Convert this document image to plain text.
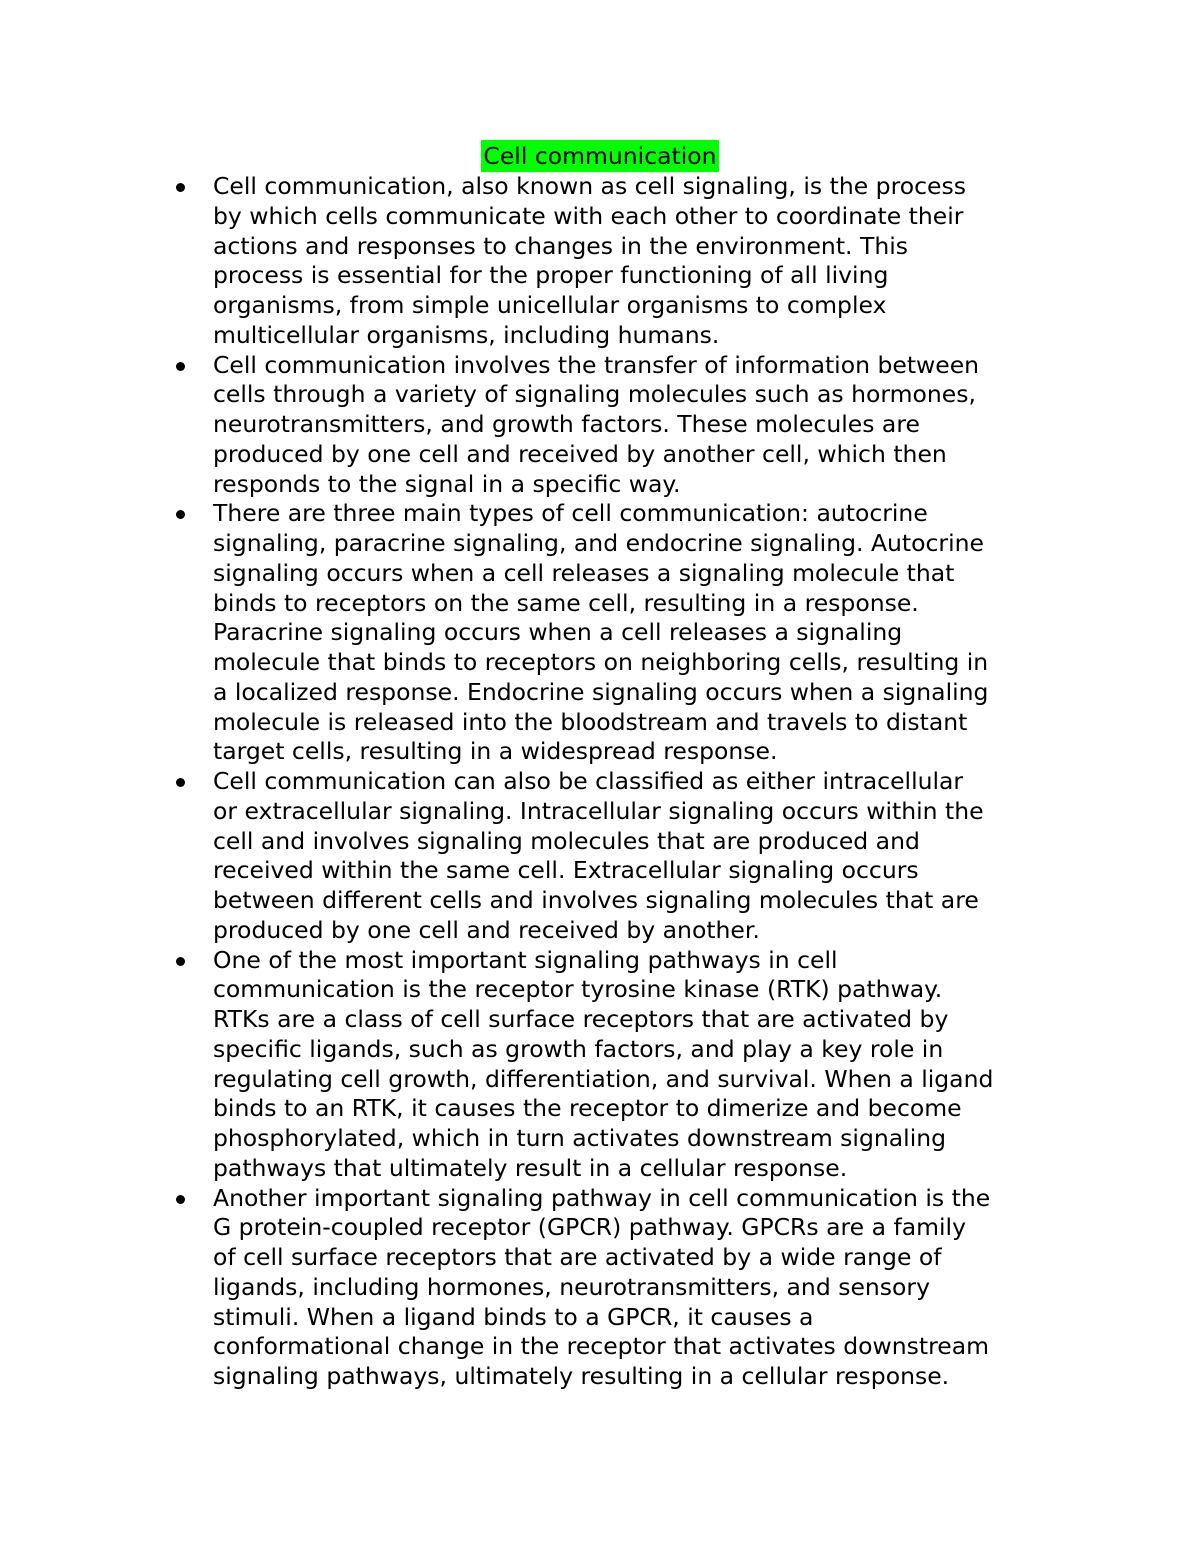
Cell communication
Cell communication, also known as cell signaling, is the process
by which cells communicate with each other to coordinate their
actions and responses to changes in the environment. This
process is essential for the proper functioning of all living
organisms, from simple unicellular organisms to complex
multicellular organisms, including humans.
Cell communication involves the transfer of information between
cells through a variety of signaling molecules such as hormones,
neurotransmitters, and growth factors. These molecules are
produced by one cell and received by another cell, which then
responds to the signal in a specific way.
There are three main types of cell communication: autocrine
signaling, paracrine signaling, and endocrine signaling. Autocrine
signaling occurs when a cell releases a signaling molecule that
binds to receptors on the same cell, resulting in a response.
Paracrine signaling occurs when a cell releases a signaling
molecule that binds to receptors on neighboring cells, resulting in
a localized response. Endocrine signaling occurs when a signaling
molecule is released into the bloodstream and travels to distant
target cells, resulting in a widespread response.
Cell communication can also be classified as either intracellular
or extracellular signaling. Intracellular signaling occurs within the
cell and involves signaling molecules that are produced and
received within the same cell. Extracellular signaling occurs
between different cells and involves signaling molecules that are
produced by one cell and received by another.
One of the most important signaling pathways in cell
communication is the receptor tyrosine kinase (RTK) pathway.
RTKs are a class of cell surface receptors that are activated by
specific ligands, such as growth factors, and play a key role in
regulating cell growth, differentiation, and survival. When a ligand
binds to an RTK, it causes the receptor to dimerize and become
phosphorylated, which in turn activates downstream signaling
pathways that ultimately result in a cellular response.
Another important signaling pathway in cell communication is the
G protein-coupled receptor (GPCR) pathway. GPCRs are a family
of cell surface receptors that are activated by a wide range of
ligands, including hormones, neurotransmitters, and sensory
stimuli. When a ligand binds to a GPCR, it causes a
conformational change in the receptor that activates downstream
signaling pathways, ultimately resulting in a cellular response.
